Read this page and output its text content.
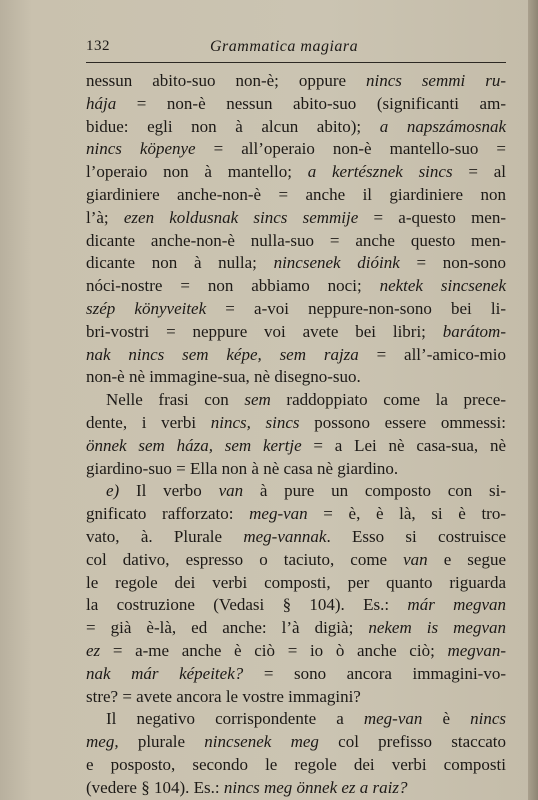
132	Grammatica magiara
nessun abito-suo non-è; oppure nincs semmi ru-
hája = non-è nessun abito-suo (significanti am-
bidue: egli non à alcun abito); a napszámosnak
nincs köpenye = all’operaio non-è mantello-suo =
l’operaio non à mantello; a kertésznek sincs = al
giardiniere anche-non-è = anche il giardiniere non
l’à; ezen koldusnak sincs semmije = a-questo men-
dicante anche-non-è nulla-suo = anche questo men-
dicante non à nulla; nincsenek dióink = non-sono
nóci-nostre = non abbiamo noci; nektek sincsenek
szép könyveitek = a-voi neppure-non-sono bei li-
bri-vostri = neppure voi avete bei libri; barátom-
nak nincs sem képe, sem rajza = all’-amico-mio
non-è nè immagine-sua, nè disegno-suo.
Nelle frasi con sem raddoppiato come la prece-
dente, i verbi nincs, sincs possono essere ommessi:
önnek sem háza, sem kertje = a Lei nè casa-sua, nè
giardino-suo = Ella non à nè casa nè giardino.
e) Il verbo van à pure un composto con si-
gnificato rafforzato: meg-van = è, è là, si è tro-
vato, à. Plurale meg-vannak. Esso si costruisce
col dativo, espresso o taciuto, come van e segue
le regole dei verbi composti, per quanto riguarda
la costruzione (Vedasi § 104). Es.: már megvan
= già è-là, ed anche: l’à digià; nekem is megvan
ez = a-me anche è ciò = io ò anche ciò; megvan-
nak már képeitek? = sono ancora immagini-vo-
stre? = avete ancora le vostre immagini?
Il negativo corrispondente a meg-van è nincs
meg, plurale nincsenek meg col prefisso staccato
e posposto, secondo le regole dei verbi composti
(vedere § 104). Es.: nincs meg önnek ez a raiz?
